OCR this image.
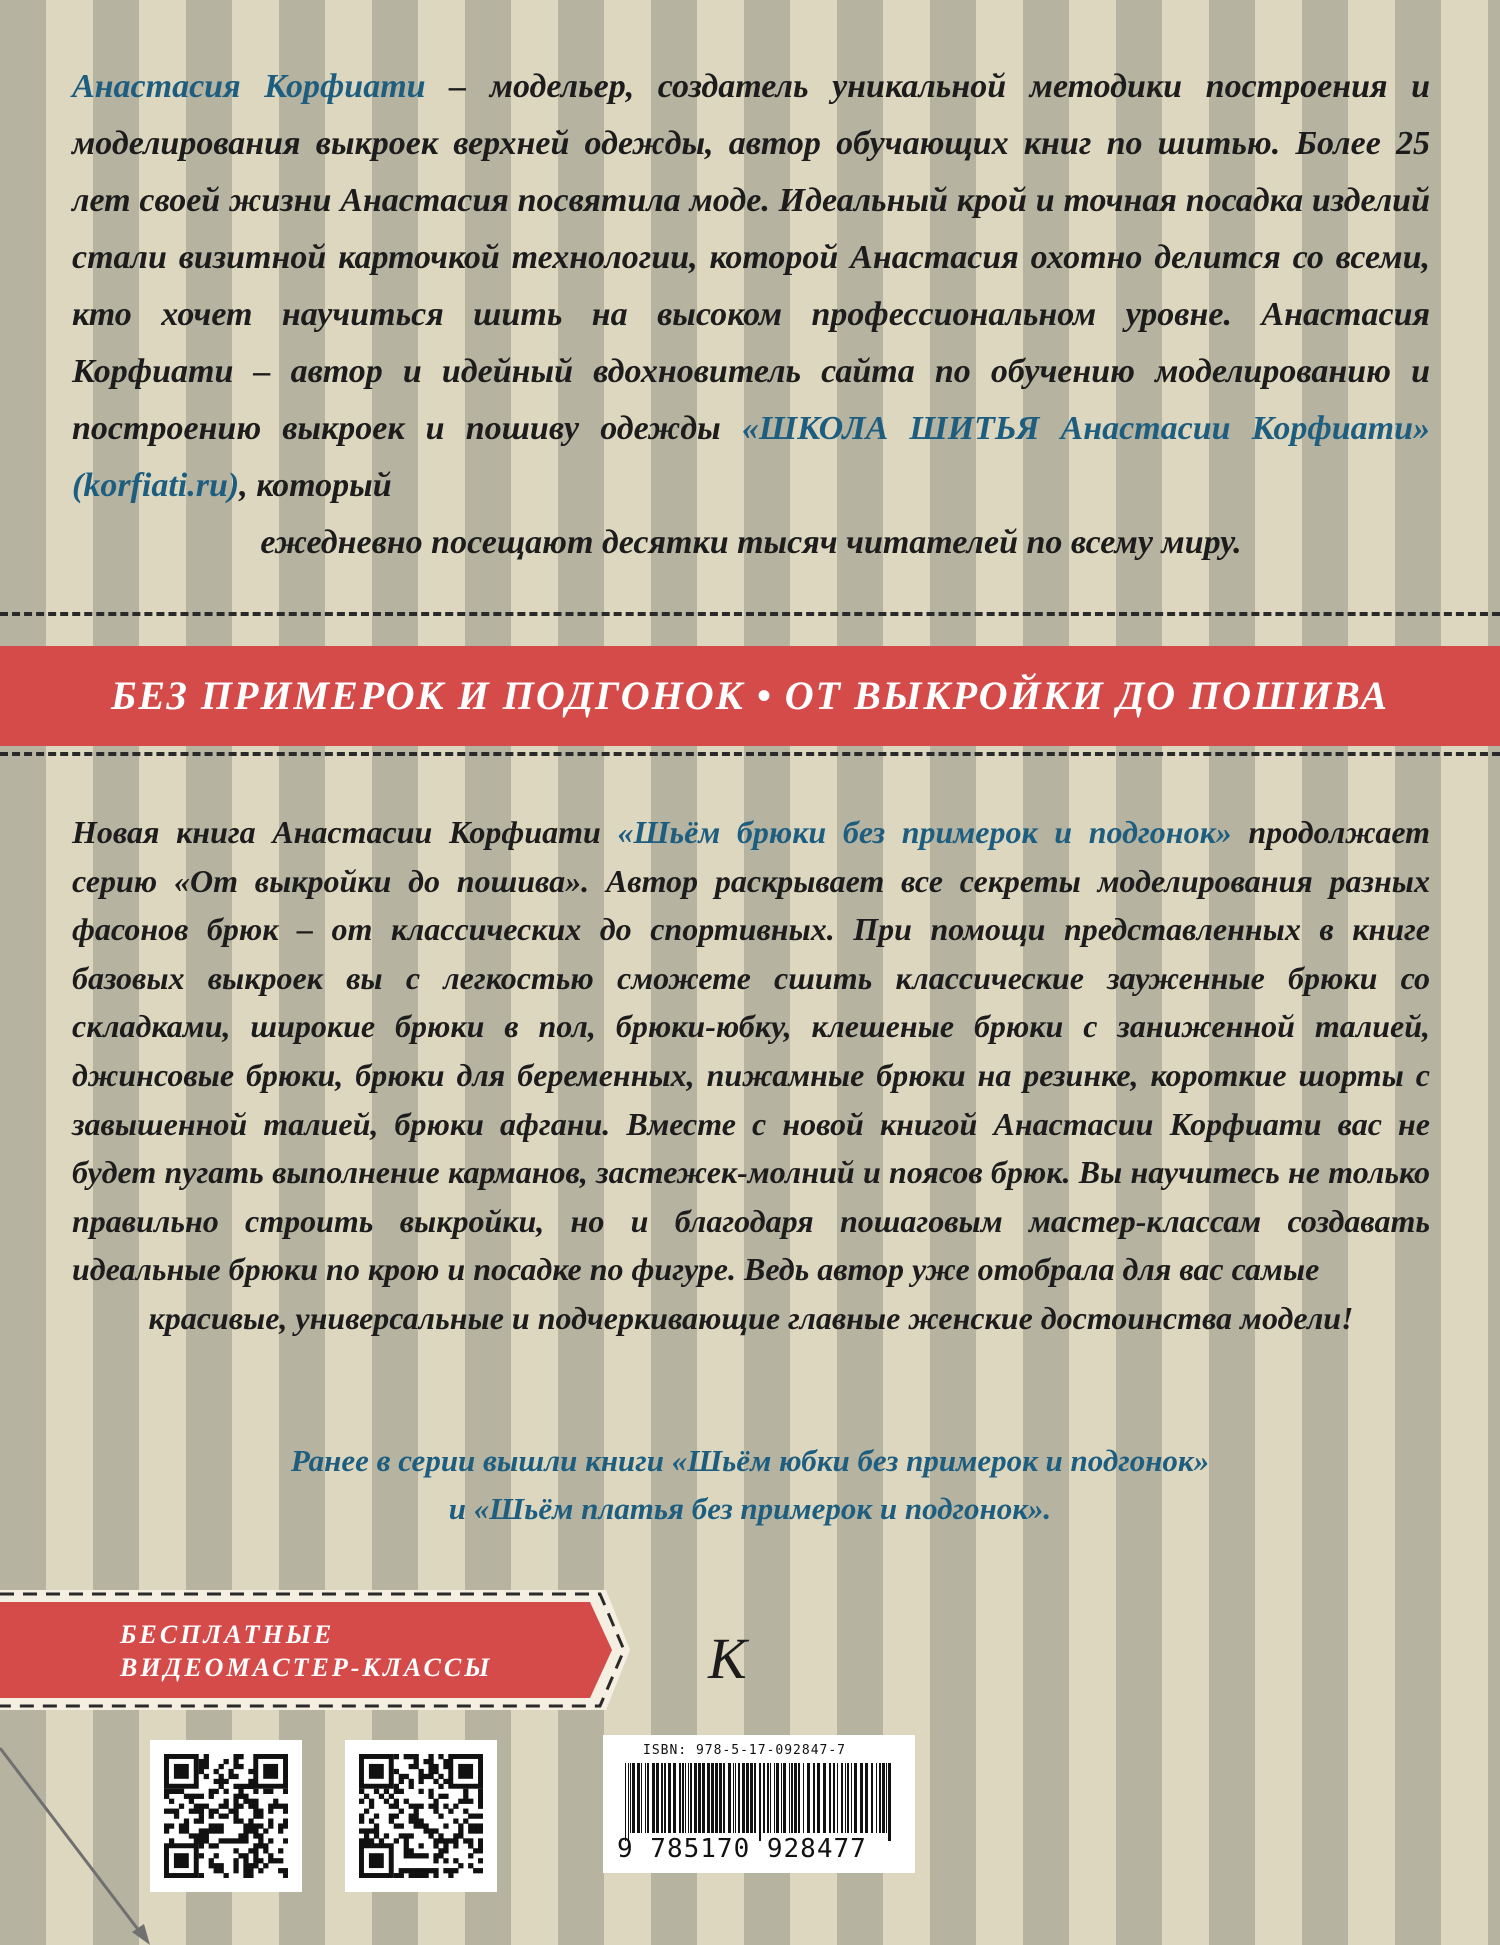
Анастасия Корфиати – модельер, создатель уникальной методики построения и моделирования выкроек верхней одежды, автор обучающих книг по шитью. Более 25 лет своей жизни Анастасия посвятила моде. Идеальный крой и точная посадка изделий стали визитной карточкой технологии, которой Анастасия охотно делится со всеми, кто хочет научиться шить на высоком профессиональном уровне. Анастасия Корфиати – автор и идейный вдохновитель сайта по обучению моделированию и построению выкроек и пошиву одежды «ШКОЛА ШИТЬЯ Анастасии Корфиати» (korfiati.ru), который
ежедневно посещают десятки тысяч читателей по всему миру.

БЕЗ ПРИМЕРОК И ПОДГОНОК • ОТ ВЫКРОЙКИ ДО ПОШИВА

Новая книга Анастасии Корфиати «Шьём брюки без примерок и подгонок» продолжает серию «От выкройки до пошива». Автор раскрывает все секреты моделирования разных фасонов брюк – от классических до спортивных. При помощи представленных в книге базовых выкроек вы с легкостью сможете сшить классические зауженные брюки со складками, широкие брюки в пол, брюки-юбку, клешеные брюки с заниженной талией, джинсовые брюки, брюки для беременных, пижамные брюки на резинке, короткие шорты с завышенной талией, брюки афгани. Вместе с новой книгой Анастасии Корфиати вас не будет пугать выполнение карманов, застежек-молний и поясов брюк. Вы научитесь не только правильно строить выкройки, но и благодаря пошаговым мастер-классам создавать идеальные брюки по крою и посадке по фигуре. Ведь автор уже отобрала для вас самые
красивые, универсальные и подчеркивающие главные женские достоинства модели!

Ранее в серии вышли книги «Шьём юбки без примерок и подгонок»

и «Шьём платья без примерок и подгонок».

БЕСПЛАТНЫЕ
ВИДЕОМАСТЕР-КЛАССЫ	K
ISBN: 978-5-17-092847-7
9 785170 928477
